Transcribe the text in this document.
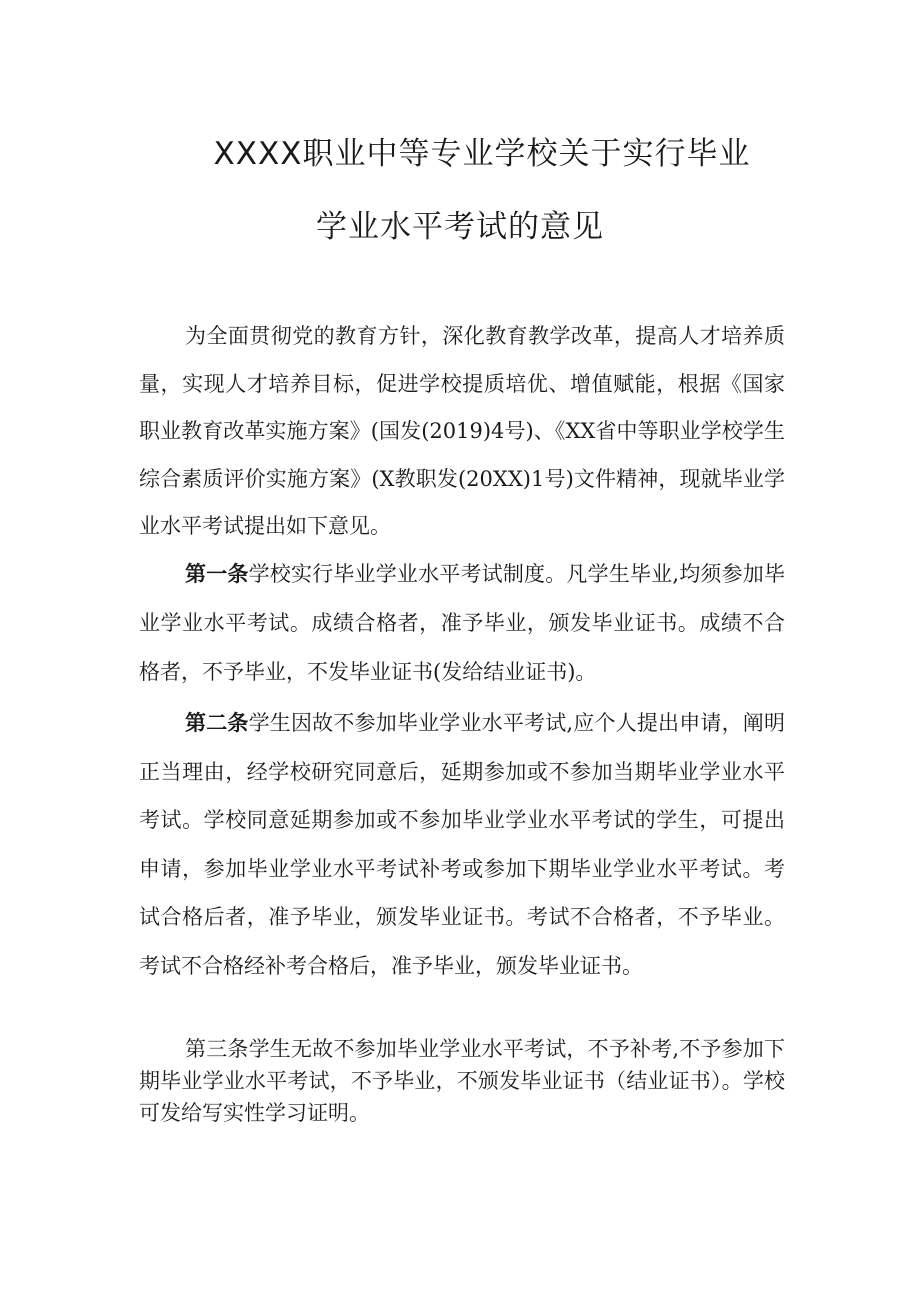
XXXX职业中等专业学校关于实行毕业
学业水平考试的意见

为全面贯彻党的教育方针，深化教育教学改革，提高人才培养质量，实现人才培养目标，促进学校提质培优、增值赋能，根据《国家职业教育改革实施方案》(国发(2019)4号)、《XX省中等职业学校学生综合素质评价实施方案》(X教职发(20XX)1号)文件精神，现就毕业学业水平考试提出如下意见。

第一条学校实行毕业学业水平考试制度。凡学生毕业,均须参加毕业学业水平考试。成绩合格者，准予毕业，颁发毕业证书。成绩不合格者，不予毕业，不发毕业证书(发给结业证书)。

第二条学生因故不参加毕业学业水平考试,应个人提出申请，阐明正当理由，经学校研究同意后，延期参加或不参加当期毕业学业水平考试。学校同意延期参加或不参加毕业学业水平考试的学生，可提出申请，参加毕业学业水平考试补考或参加下期毕业学业水平考试。考试合格后者，准予毕业，颁发毕业证书。考试不合格者，不予毕业。考试不合格经补考合格后，准予毕业，颁发毕业证书。

第三条学生无故不参加毕业学业水平考试，不予补考,不予参加下期毕业学业水平考试，不予毕业，不颁发毕业证书（结业证书）。学校可发给写实性学习证明。
